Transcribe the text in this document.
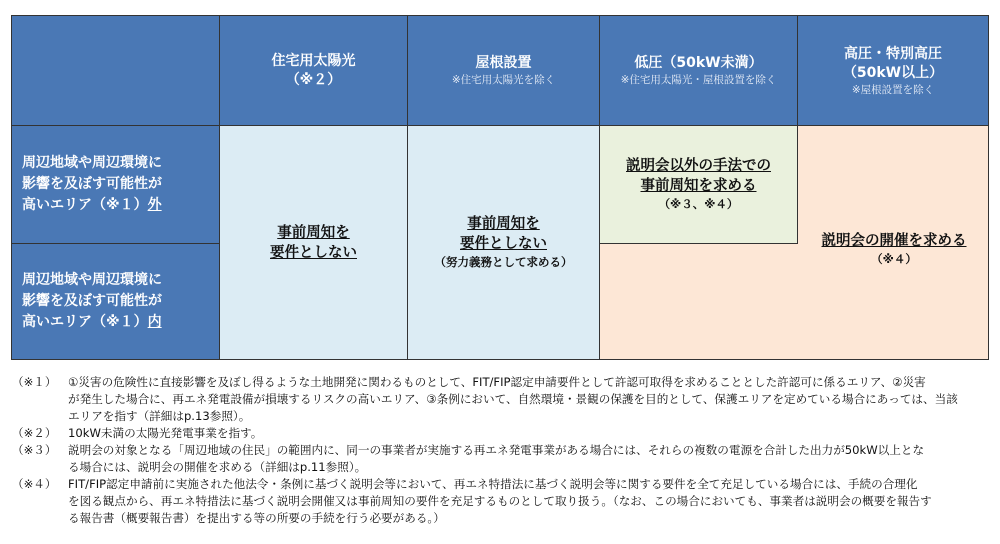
住宅用太陽光
（※２）
屋根設置
※住宅用太陽光を除く
低圧（50kW未満）
※住宅用太陽光・屋根設置を除く
高圧・特別高圧
（50kW以上）
※屋根設置を除く
周辺地域や周辺環境に
影響を及ぼす可能性が
高いエリア（※１）外
周辺地域や周辺環境に
影響を及ぼす可能性が
高いエリア（※１）内
事前周知を
要件としない
事前周知を
要件としない
（努力義務として求める）
説明会以外の手法での
事前周知を求める
（※３、※４）
説明会の開催を求める
（※４）
（※１） ①災害の危険性に直接影響を及ぼし得るような土地開発に関わるものとして、FIT/FIP認定申請要件として許認可取得を求めることとした許認可に係るエリア、②災害
が発生した場合に、再エネ発電設備が損壊するリスクの高いエリア、③条例において、自然環境・景観の保護を目的として、保護エリアを定めている場合にあっては、当該
エリアを指す（詳細はp.13参照）。
（※２） 10kW未満の太陽光発電事業を指す。
（※３） 説明会の対象となる「周辺地域の住民」の範囲内に、同一の事業者が実施する再エネ発電事業がある場合には、それらの複数の電源を合計した出力が50kW以上とな
る場合には、説明会の開催を求める（詳細はp.11参照）。
（※４） FIT/FIP認定申請前に実施された他法令・条例に基づく説明会等において、再エネ特措法に基づく説明会等に関する要件を全て充足している場合には、手続の合理化
を図る観点から、再エネ特措法に基づく説明会開催又は事前周知の要件を充足するものとして取り扱う。（なお、この場合においても、事業者は説明会の概要を報告す
る報告書（概要報告書）を提出する等の所要の手続を行う必要がある。）
